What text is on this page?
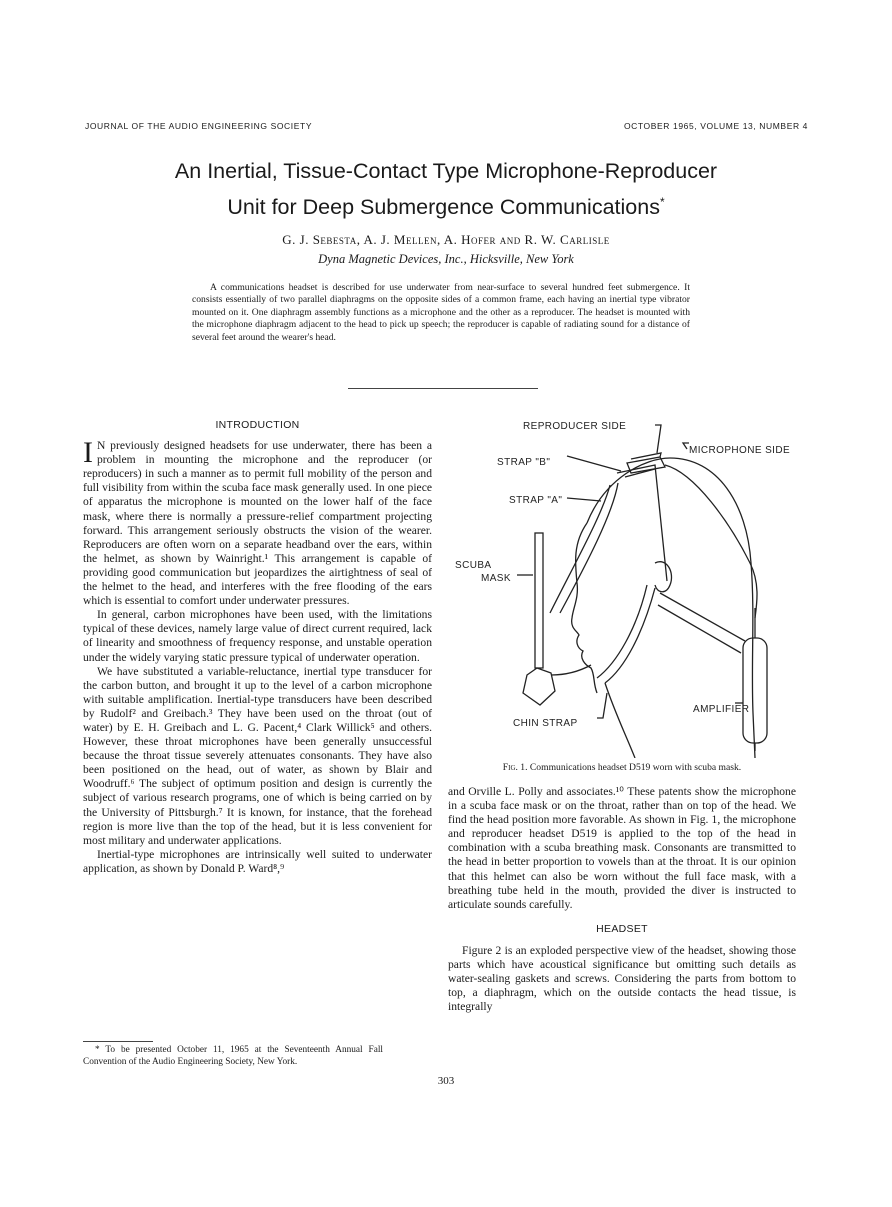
JOURNAL OF THE AUDIO ENGINEERING SOCIETY	OCTOBER 1965, VOLUME 13, NUMBER 4
An Inertial, Tissue-Contact Type Microphone-Reproducer
Unit for Deep Submergence Communications*
G. J. Sebesta, A. J. Mellen, A. Hofer and R. W. Carlisle
Dyna Magnetic Devices, Inc., Hicksville, New York
A communications headset is described for use underwater from near-surface to several hundred feet submergence. It consists essentially of two parallel diaphragms on the opposite sides of a common frame, each having an inertial type vibrator mounted on it. One diaphragm assembly functions as a microphone and the other as a reproducer. The headset is mounted with the microphone diaphragm adjacent to the head to pick up speech; the reproducer is capable of radiating sound for a distance of several feet around the wearer's head.
INTRODUCTION

I N previously designed headsets for use underwater, there has been a problem in mounting the microphone and the reproducer (or reproducers) in such a manner as to permit full mobility of the person and full visibility from within the scuba face mask generally used. In one piece of apparatus the microphone is mounted on the lower half of the face mask, where there is normally a pressure-relief compartment projecting forward. This arrangement seriously obstructs the vision of the wearer. Reproducers are often worn on a separate headband over the ears, within the helmet, as shown by Wainright.¹ This arrangement is capable of providing good communication but jeopardizes the airtightness of seal of the helmet to the head, and interferes with the free flooding of the ears which is essential to comfort under underwater pressures.

In general, carbon microphones have been used, with the limitations typical of these devices, namely large value of direct current required, lack of linearity and smoothness of frequency response, and unstable operation under the widely varying static pressure typical of underwater operation.

We have substituted a variable-reluctance, inertial type transducer for the carbon button, and brought it up to the level of a carbon microphone with suitable amplification. Inertial-type transducers have been described by Rudolf² and Greibach.³ They have been used on the throat (out of water) by E. H. Greibach and L. G. Pacent,⁴ Clark Willick⁵ and others. However, these throat microphones have been generally unsuccessful because the throat tissue severely attenuates consonants. They have also been positioned on the head, out of water, as shown by Blair and Woodruff.⁶ The subject of optimum position and design is currently the subject of various research programs, one of which is being carried on by the University of Pittsburgh.⁷ It is known, for instance, that the forehead region is more live than the top of the head, but it is less convenient for most military and underwater applications.

Inertial-type microphones are intrinsically well suited to underwater application, as shown by Donald P. Ward⁸,⁹

REPRODUCER SIDE
MICROPHONE SIDE
STRAP "B"
STRAP "A"
SCUBA
MASK
CHIN STRAP
AMPLIFIER
Fig. 1. Communications headset D519 worn with scuba mask.

and Orville L. Polly and associates.¹⁰ These patents show the microphone in a scuba face mask or on the throat, rather than on top of the head. We find the head position more favorable. As shown in Fig. 1, the microphone and reproducer headset D519 is applied to the top of the head in combination with a scuba breathing mask. Consonants are transmitted to the head in better proportion to vowels than at the throat. It is our opinion that this helmet can also be worn without the full face mask, with a breathing tube held in the mouth, provided the diver is instructed to articulate sounds carefully.

HEADSET

Figure 2 is an exploded perspective view of the headset, showing those parts which have acoustical significance but omitting such details as water-sealing gaskets and screws. Considering the parts from bottom to top, a diaphragm, which on the outside contacts the head tissue, is integrally

* To be presented October 11, 1965 at the Seventeenth Annual Fall Convention of the Audio Engineering Society, New York.
303
